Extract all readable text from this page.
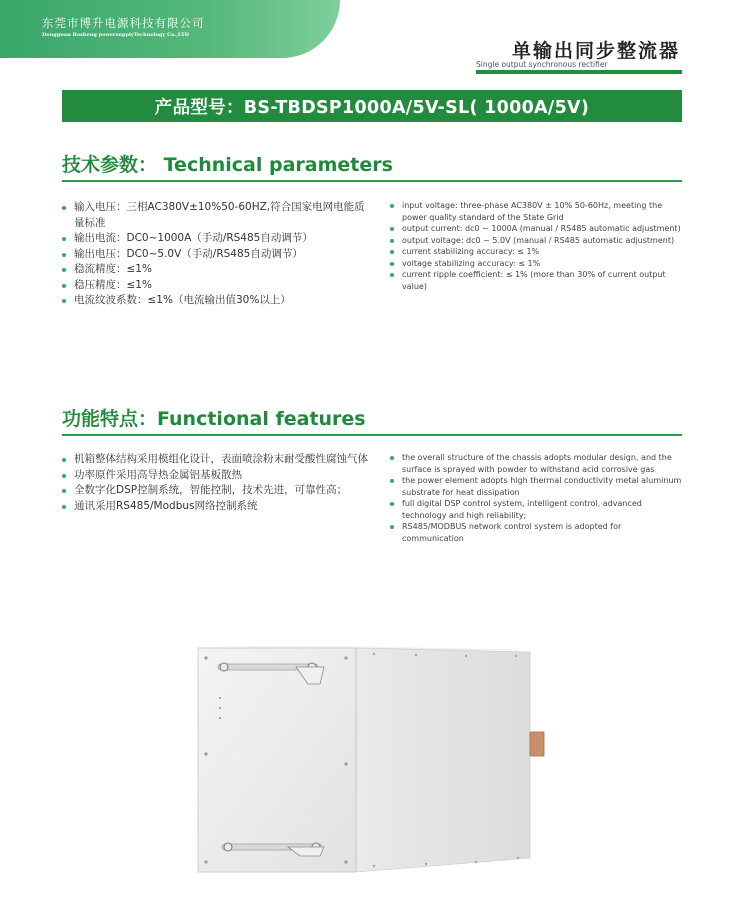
东莞市博升电源科技有限公司
Dongguan Bosheng powersupplyTechnology Co.,LTD
单输出同步整流器
Single output synchronous rectifier
产品型号：BS-TBDSP1000A/5V-SL( 1000A/5V)
技术参数： Technical parameters
输入电压：三相AC380V±10%50-60HZ,符合国家电网电能质量标准
输出电流：DC0~1000A（手动/RS485自动调节）
输出电压：DC0~5.0V（手动/RS485自动调节）
稳流精度：≤1%
稳压精度：≤1%
电流纹波系数：≤1%（电流输出值30%以上）
input voltage: three-phase AC380V ± 10% 50-60Hz, meeting the power quality standard of the State Grid
output current: dc0 ~ 1000A (manual / RS485 automatic adjustment)
output voltage: dc0 ~ 5.0V (manual / RS485 automatic adjustment)
current stabilizing accuracy: ≤ 1%
voltage stabilizing accuracy: ≤ 1%
current ripple coefficient: ≤ 1% (more than 30% of current output value)
功能特点：Functional features
机箱整体结构采用模组化设计，表面喷涂粉末耐受酸性腐蚀气体
功率原件采用高导热金属铝基板散热
全数字化DSP控制系统，智能控制，技术先进，可靠性高；
通讯采用RS485/Modbus网络控制系统
the overall structure of the chassis adopts modular design, and the surface is sprayed with powder to withstand acid corrosive gas
the power element adopts high thermal conductivity metal aluminum substrate for heat dissipation
full digital DSP control system, intelligent control, advanced technology and high reliability;
RS485/MODBUS network control system is adopted for communication
